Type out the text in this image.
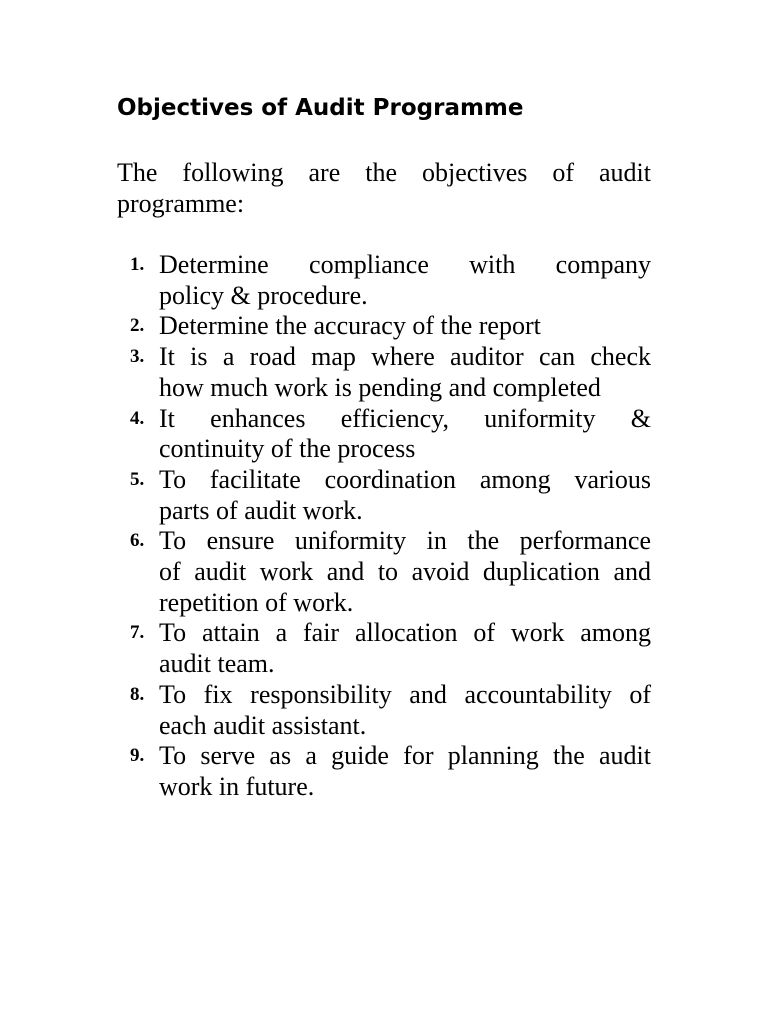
Objectives of Audit Programme
The following are the objectives of audit
programme:
1. Determine compliance with company
policy & procedure.
2. Determine the accuracy of the report
3. It is a road map where auditor can check
how much work is pending and completed
4. It enhances efficiency, uniformity &
continuity of the process
5. To facilitate coordination among various
parts of audit work.
6. To ensure uniformity in the performance
of audit work and to avoid duplication and
repetition of work.
7. To attain a fair allocation of work among
audit team.
8. To fix responsibility and accountability of
each audit assistant.
9. To serve as a guide for planning the audit
work in future.
